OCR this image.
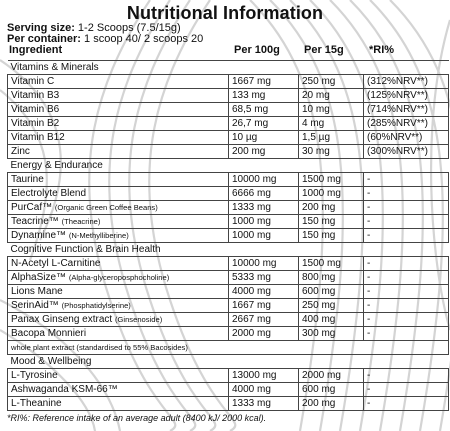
Nutritional Information
Serving size: 1-2 Scoops (7.5/15g)
Per container: 1 scoop 40/ 2 scoops 20
Ingredient	Per 100g Per 15g *RI%
Vitamins & Minerals			
Vitamin C	1667 mg	250 mg	(312%NRV**)
Vitamin B3	133 mg	20 mg	(125%NRV**)
Vitamin B6	68,5 mg	10 mg	(714%NRV**)
Vitamin B2	26,7 mg	4 mg	(285%NRV**)
Vitamin B12	10 µg	1,5 µg	(60%NRV**)
Zinc	200 mg	30 mg	(300%NRV**)
Energy & Endurance			
Taurine	10000 mg	1500 mg	-
Electrolyte Blend	6666 mg	1000 mg	-
PurCaf™ (Organic Green Coffee Beans)	1333 mg	200 mg	-
Teacrine™ (Theacrine)	1000 mg	150 mg	-
Dynamine™ (N-Methylliberine)	1000 mg	150 mg	-
Cognitive Function & Brain Health			
N-Acetyl L-Carnitine	10000 mg	1500 mg	-
AlphaSize™ (Alpha-glyceroposphocholine)	5333 mg	800 mg	-
Lions Mane	4000 mg	600 mg	-
SerinAid™ (Phosphatidylserine)	1667 mg	250 mg	-
Panax Ginseng extract (Ginsenoside)	2667 mg	400 mg	-
Bacopa Monnieri	2000 mg	300 mg	-
whole plant extract (standardised to 55% Bacosides)			
Mood & Wellbeing			
L-Tyrosine	13000 mg	2000 mg	-
Ashwaganda KSM-66™	4000 mg	600 mg	-
L-Theanine	1333 mg	200 mg	-
*RI%: Reference intake of an average adult (8400 kJ/ 2000 kcal).
